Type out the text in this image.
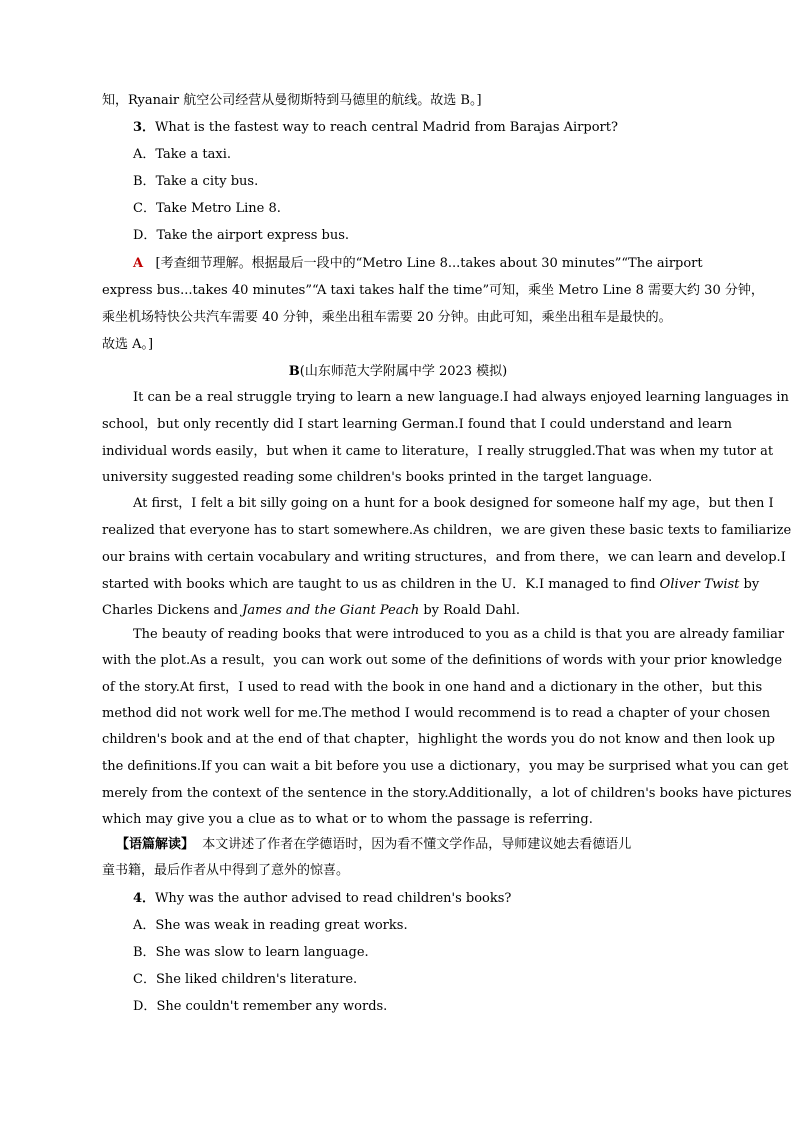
知，Ryanair 航空公司经营从曼彻斯特到马德里的航线。故选 B。]
3．What is the fastest way to reach central Madrid from Barajas Airport?
A．Take a taxi.
B．Take a city bus.
C．Take Metro Line 8.
D．Take the airport express bus.
A [考查细节理解。根据最后一段中的“Metro Line 8...takes about 30 minutes”“The airport
express bus...takes 40 minutes”“A taxi takes half the time”可知，乘坐 Metro Line 8 需要大约 30 分钟，
乘坐机场特快公共汽车需要 40 分钟，乘坐出租车需要 20 分钟。由此可知，乘坐出租车是最快的。
故选 A。]
B(山东师范大学附属中学 2023 模拟)
It can be a real struggle trying to learn a new language.I had always enjoyed learning languages in
school，but only recently did I start learning German.I found that I could understand and learn
individual words easily，but when it came to literature，I really struggled.That was when my tutor at
university suggested reading some children's books printed in the target language.
At first，I felt a bit silly going on a hunt for a book designed for someone half my age，but then I
realized that everyone has to start somewhere.As children，we are given these basic texts to familiarize
our brains with certain vocabulary and writing structures，and from there，we can learn and develop.I
started with books which are taught to us as children in the U．K.I managed to find Oliver Twist by
Charles Dickens and James and the Giant Peach by Roald Dahl.
The beauty of reading books that were introduced to you as a child is that you are already familiar
with the plot.As a result，you can work out some of the definitions of words with your prior knowledge
of the story.At first，I used to read with the book in one hand and a dictionary in the other，but this
method did not work well for me.The method I would recommend is to read a chapter of your chosen
children's book and at the end of that chapter，highlight the words you do not know and then look up
the definitions.If you can wait a bit before you use a dictionary，you may be surprised what you can get
merely from the context of the sentence in the story.Additionally，a lot of children's books have pictures
which may give you a clue as to what or to whom the passage is referring.
【语篇解读】 本文讲述了作者在学德语时，因为看不懂文学作品，导师建议她去看德语儿
童书籍，最后作者从中得到了意外的惊喜。
4．Why was the author advised to read children's books?
A．She was weak in reading great works.
B．She was slow to learn language.
C．She liked children's literature.
D．She couldn't remember any words.
